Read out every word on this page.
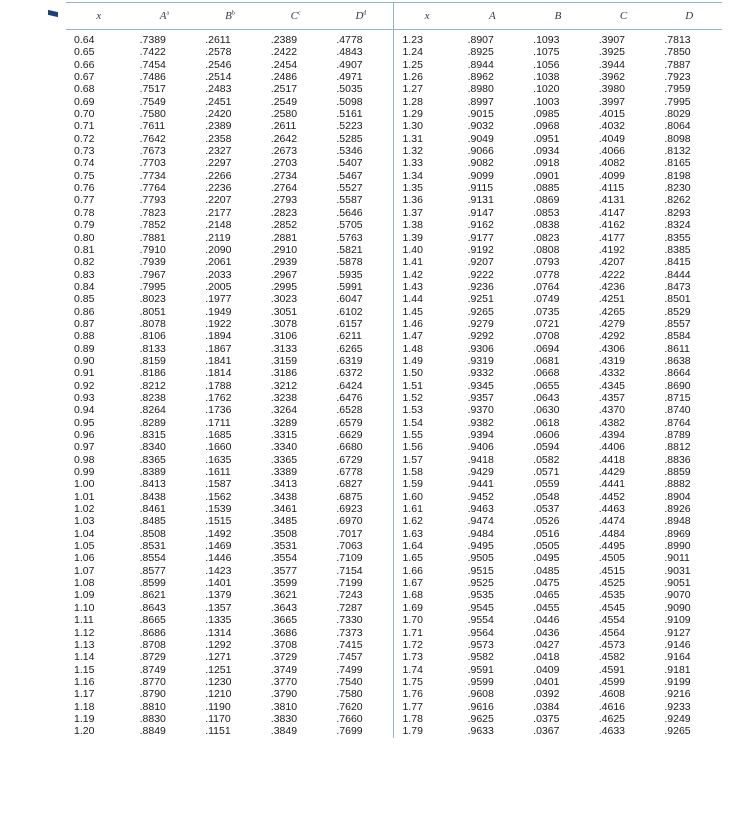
x	$A^a$	$B^b$	$C^c$	$D^d$	x	A	B	C	D
0.64	.7389	.2611	.2389	.4778	1.23	.8907	.1093	.3907	.7813
0.65	.7422	.2578	.2422	.4843	1.24	.8925	.1075	.3925	.7850
0.66	.7454	.2546	.2454	.4907	1.25	.8944	.1056	.3944	.7887
0.67	.7486	.2514	.2486	.4971	1.26	.8962	.1038	.3962	.7923
0.68	.7517	.2483	.2517	.5035	1.27	.8980	.1020	.3980	.7959
0.69	.7549	.2451	.2549	.5098	1.28	.8997	.1003	.3997	.7995
0.70	.7580	.2420	.2580	.5161	1.29	.9015	.0985	.4015	.8029
0.71	.7611	.2389	.2611	.5223	1.30	.9032	.0968	.4032	.8064
0.72	.7642	.2358	.2642	.5285	1.31	.9049	.0951	.4049	.8098
0.73	.7673	.2327	.2673	.5346	1.32	.9066	.0934	.4066	.8132
0.74	.7703	.2297	.2703	.5407	1.33	.9082	.0918	.4082	.8165
0.75	.7734	.2266	.2734	.5467	1.34	.9099	.0901	.4099	.8198
0.76	.7764	.2236	.2764	.5527	1.35	.9115	.0885	.4115	.8230
0.77	.7793	.2207	.2793	.5587	1.36	.9131	.0869	.4131	.8262
0.78	.7823	.2177	.2823	.5646	1.37	.9147	.0853	.4147	.8293
0.79	.7852	.2148	.2852	.5705	1.38	.9162	.0838	.4162	.8324
0.80	.7881	.2119	.2881	.5763	1.39	.9177	.0823	.4177	.8355
0.81	.7910	.2090	.2910	.5821	1.40	.9192	.0808	.4192	.8385
0.82	.7939	.2061	.2939	.5878	1.41	.9207	.0793	.4207	.8415
0.83	.7967	.2033	.2967	.5935	1.42	.9222	.0778	.4222	.8444
0.84	.7995	.2005	.2995	.5991	1.43	.9236	.0764	.4236	.8473
0.85	.8023	.1977	.3023	.6047	1.44	.9251	.0749	.4251	.8501
0.86	.8051	.1949	.3051	.6102	1.45	.9265	.0735	.4265	.8529
0.87	.8078	.1922	.3078	.6157	1.46	.9279	.0721	.4279	.8557
0.88	.8106	.1894	.3106	.6211	1.47	.9292	.0708	.4292	.8584
0.89	.8133	.1867	.3133	.6265	1.48	.9306	.0694	.4306	.8611
0.90	.8159	.1841	.3159	.6319	1.49	.9319	.0681	.4319	.8638
0.91	.8186	.1814	.3186	.6372	1.50	.9332	.0668	.4332	.8664
0.92	.8212	.1788	.3212	.6424	1.51	.9345	.0655	.4345	.8690
0.93	.8238	.1762	.3238	.6476	1.52	.9357	.0643	.4357	.8715
0.94	.8264	.1736	.3264	.6528	1.53	.9370	.0630	.4370	.8740
0.95	.8289	.1711	.3289	.6579	1.54	.9382	.0618	.4382	.8764
0.96	.8315	.1685	.3315	.6629	1.55	.9394	.0606	.4394	.8789
0.97	.8340	.1660	.3340	.6680	1.56	.9406	.0594	.4406	.8812
0.98	.8365	.1635	.3365	.6729	1.57	.9418	.0582	.4418	.8836
0.99	.8389	.1611	.3389	.6778	1.58	.9429	.0571	.4429	.8859
1.00	.8413	.1587	.3413	.6827	1.59	.9441	.0559	.4441	.8882
1.01	.8438	.1562	.3438	.6875	1.60	.9452	.0548	.4452	.8904
1.02	.8461	.1539	.3461	.6923	1.61	.9463	.0537	.4463	.8926
1.03	.8485	.1515	.3485	.6970	1.62	.9474	.0526	.4474	.8948
1.04	.8508	.1492	.3508	.7017	1.63	.9484	.0516	.4484	.8969
1.05	.8531	.1469	.3531	.7063	1.64	.9495	.0505	.4495	.8990
1.06	.8554	.1446	.3554	.7109	1.65	.9505	.0495	.4505	.9011
1.07	.8577	.1423	.3577	.7154	1.66	.9515	.0485	.4515	.9031
1.08	.8599	.1401	.3599	.7199	1.67	.9525	.0475	.4525	.9051
1.09	.8621	.1379	.3621	.7243	1.68	.9535	.0465	.4535	.9070
1.10	.8643	.1357	.3643	.7287	1.69	.9545	.0455	.4545	.9090
1.11	.8665	.1335	.3665	.7330	1.70	.9554	.0446	.4554	.9109
1.12	.8686	.1314	.3686	.7373	1.71	.9564	.0436	.4564	.9127
1.13	.8708	.1292	.3708	.7415	1.72	.9573	.0427	.4573	.9146
1.14	.8729	.1271	.3729	.7457	1.73	.9582	.0418	.4582	.9164
1.15	.8749	.1251	.3749	.7499	1.74	.9591	.0409	.4591	.9181
1.16	.8770	.1230	.3770	.7540	1.75	.9599	.0401	.4599	.9199
1.17	.8790	.1210	.3790	.7580	1.76	.9608	.0392	.4608	.9216
1.18	.8810	.1190	.3810	.7620	1.77	.9616	.0384	.4616	.9233
1.19	.8830	.1170	.3830	.7660	1.78	.9625	.0375	.4625	.9249
1.20	.8849	.1151	.3849	.7699	1.79	.9633	.0367	.4633	.9265
